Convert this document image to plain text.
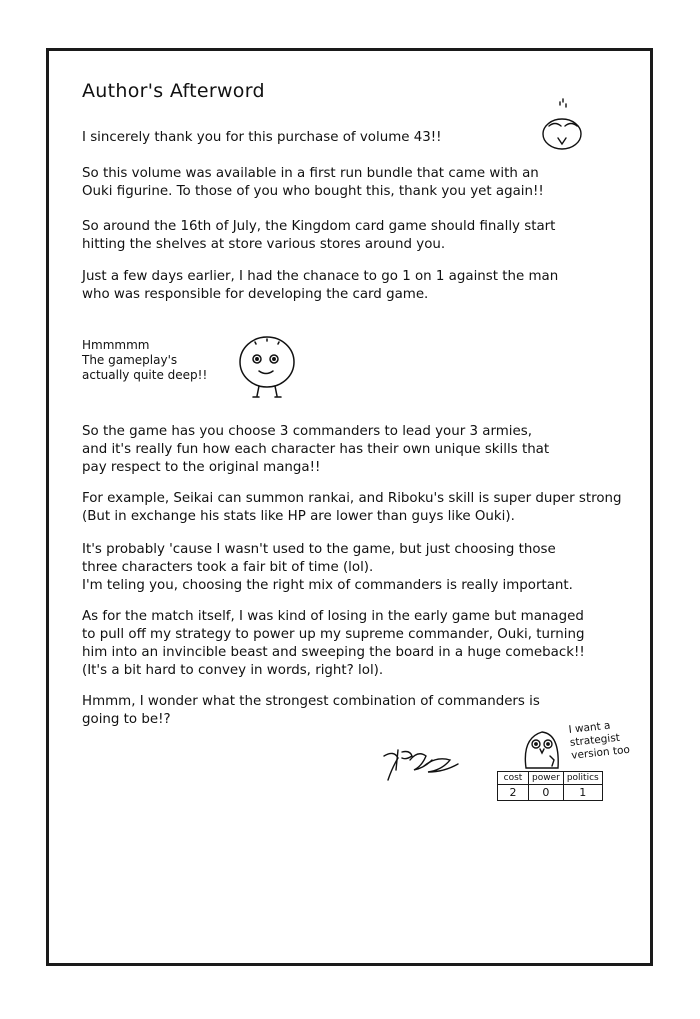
Author's Afterword
I sincerely thank you for this purchase of volume 43!!
So this volume was available in a first run bundle that came with an
Ouki figurine. To those of you who bought this, thank you yet again!!
So around the 16th of July, the Kingdom card game should finally start
hitting the shelves at store various stores around you.
Just a few days earlier, I had the chanace to go 1 on 1 against the man
who was responsible for developing the card game.
Hmmmmm
The gameplay's
actually quite deep!!
So the game has you choose 3 commanders to lead your 3 armies,
and it's really fun how each character has their own unique skills that
pay respect to the original manga!!
For example, Seikai can summon rankai, and Riboku's skill is super duper strong
(But in exchange his stats like HP are lower than guys like Ouki).
It's probably 'cause I wasn't used to the game, but just choosing those
three characters took a fair bit of time (lol).
I'm teling you, choosing the right mix of commanders is really important.
As for the match itself, I was kind of losing in the early game but managed
to pull off my strategy to power up my supreme commander, Ouki, turning
him into an invincible beast and sweeping the board in a huge comeback!!
(It's a bit hard to convey in words, right? lol).
Hmmm, I wonder what the strongest combination of commanders is
going to be!?
I want a
strategist
version too
cost	power	politics
2	0	1
